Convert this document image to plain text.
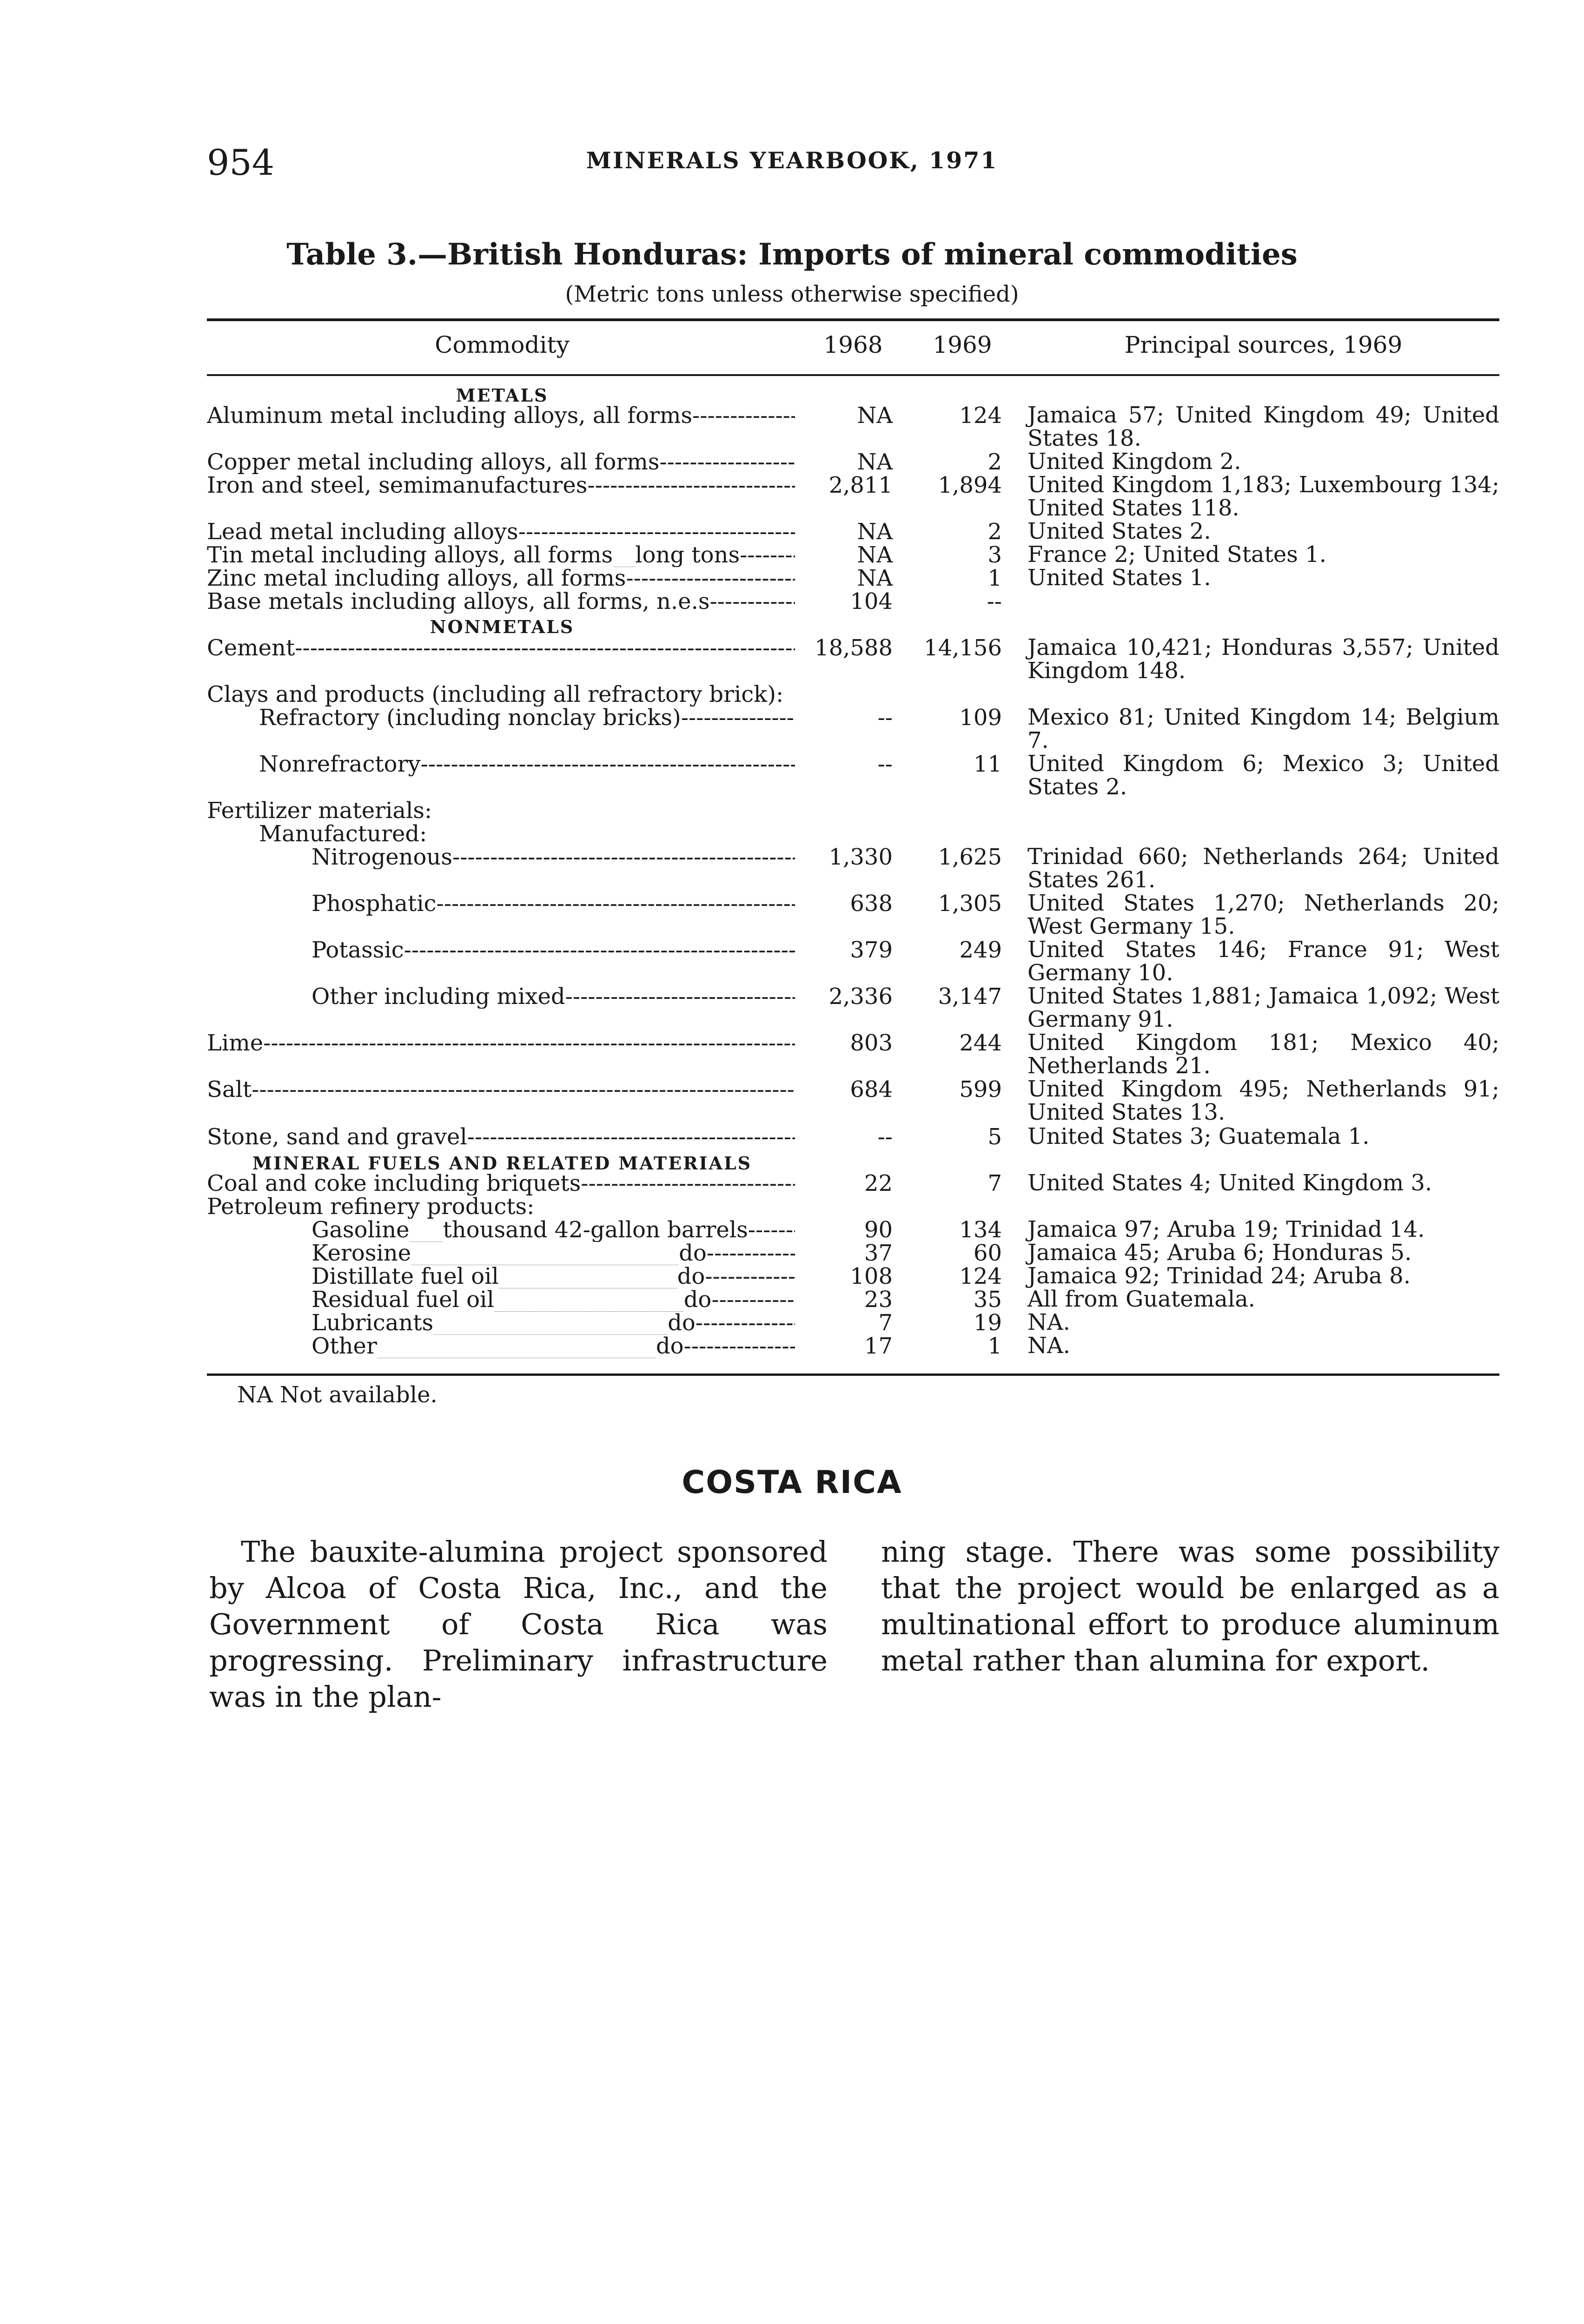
954	MINERALS YEARBOOK, 1971
Table 3.—British Honduras: Imports of mineral commodities
(Metric tons unless otherwise specified)
Commodity	1968	1969	Principal sources, 1969
METALS
NONMETALS
MINERAL FUELS AND RELATED MATERIALS
Aluminum metal including alloys, all forms -----	NA	124 Jamaica 57; United Kingdom 49; United States 18.
Copper metal including alloys, all forms -----	NA	2 United Kingdom 2.
Iron and steel, semimanufactures -----	2,811	1,894 United Kingdom 1,183; Luxembourg 134; United States 118.
Lead metal including alloys -----	NA	2 United States 2.
Tin metal including alloys, all forms__long tons -----	NA	3 France 2; United States 1.
Zinc metal including alloys, all forms -----	NA	1 United States 1.
Base metals including alloys, all forms, n.e.s -----	104	--
Cement -----	18,588	14,156 Jamaica 10,421; Honduras 3,557; United Kingdom 148.
Clays and products (including all refractory brick):
Refractory (including nonclay bricks) -----	--	109 Mexico 81; United Kingdom 14; Belgium 7.
Nonrefractory -----	--	11 United Kingdom 6; Mexico 3; United States 2.
Fertilizer materials:
Manufactured:
Nitrogenous -----	1,330	1,625 Trinidad 660; Netherlands 264; United States 261.
Phosphatic -----	638	1,305 United States 1,270; Netherlands 20; West Germany 15.
Potassic -----	379	249 United States 146; France 91; West Germany 10.
Other including mixed -----	2,336	3,147 United States 1,881; Jamaica 1,092; West Germany 91.
Lime -----	803	244 United Kingdom 181; Mexico 40; Netherlands 21.
Salt -----	684	599 United Kingdom 495; Netherlands 91; United States 13.
Stone, sand and gravel -----	--	5 United States 3; Guatemala 1.
Coal and coke including briquets -----	22	7 United States 4; United Kingdom 3.
Petroleum refinery products:
Gasoline___thousand 42-gallon barrels -----	90	134 Jamaica 97; Aruba 19; Trinidad 14.
Kerosine________________________do -----	37	60 Jamaica 45; Aruba 6; Honduras 5.
Distillate fuel oil________________do -----	108	124 Jamaica 92; Trinidad 24; Aruba 8.
Residual fuel oil_________________do -----	23	35 All from Guatemala.
Lubricants_____________________do -----	7	19 NA.
Other_________________________do -----	17	1 NA.
NA Not available.
COSTA RICA
The bauxite-alumina project sponsored by Alcoa of Costa Rica, Inc., and the Government of Costa Rica was progressing. Preliminary infrastructure was in the plan-
ning stage. There was some possibility that the project would be enlarged as a multinational effort to produce aluminum metal rather than alumina for export.
